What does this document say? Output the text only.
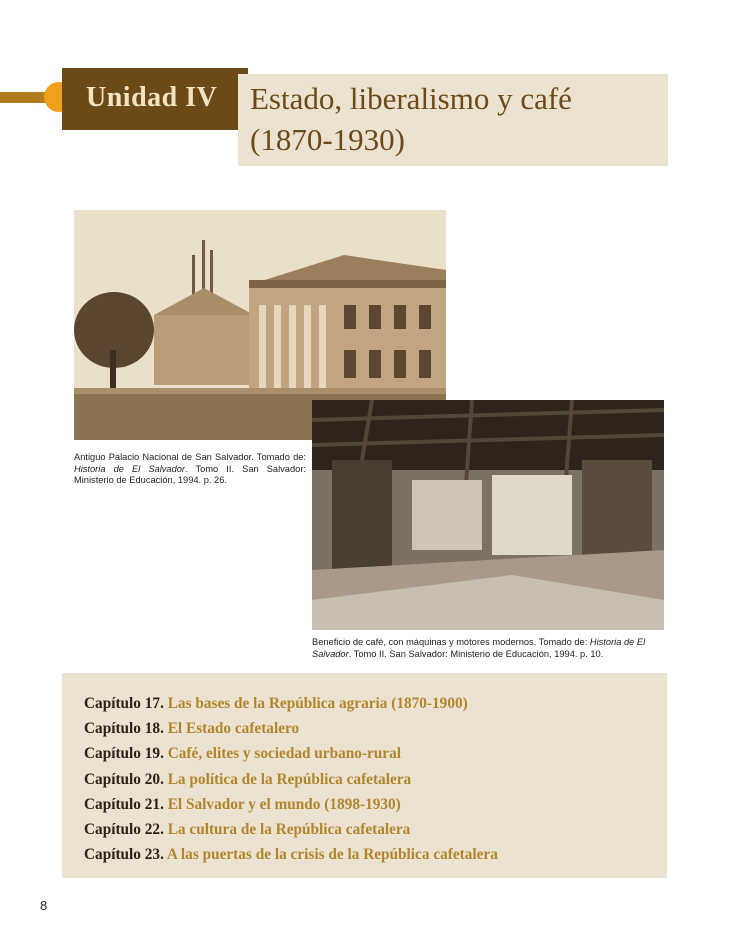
Unidad IV Estado, liberalismo y café
(1870-1930)
Antiguo Palacio Nacional de San Salvador. Tomado de: Historia de El Salvador. Tomo II. San Salvador: Ministerio de Educación, 1994. p. 26.
Beneficio de café, con máquinas y motores modernos. Tomado de: Historia de El Salvador. Tomo II. San Salvador: Ministerio de Educación, 1994. p. 10.
Capítulo 17. Las bases de la República agraria (1870-1900)
Capítulo 18. El Estado cafetalero
Capítulo 19. Café, elites y sociedad urbano-rural
Capítulo 20. La política de la República cafetalera
Capítulo 21. El Salvador y el mundo (1898-1930)
Capítulo 22. La cultura de la República cafetalera
Capítulo 23. A las puertas de la crisis de la República cafetalera
8
